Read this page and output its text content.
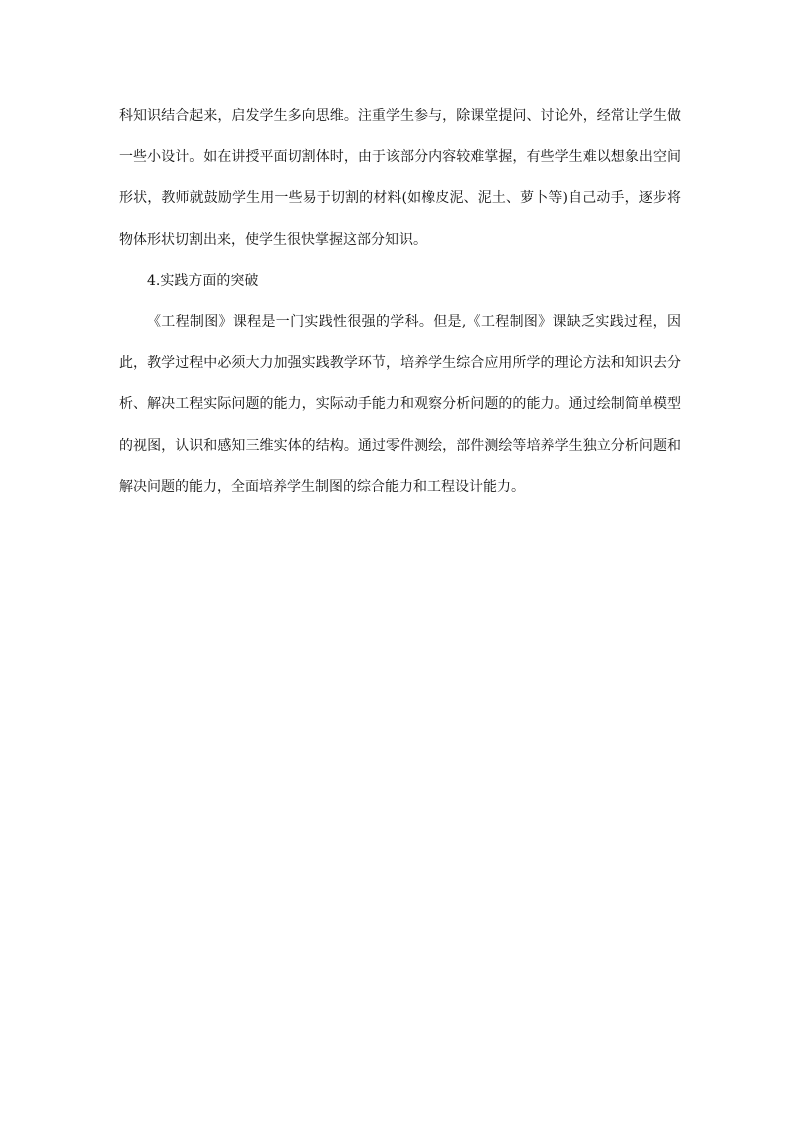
科知识结合起来，启发学生多向思维。注重学生参与，除课堂提问、讨论外，经常让学生做
一些小设计。如在讲授平面切割体时，由于该部分内容较难掌握，有些学生难以想象出空间
形状，教师就鼓励学生用一些易于切割的材料(如橡皮泥、泥土、萝卜等)自己动手，逐步将
物体形状切割出来，使学生很快掌握这部分知识。
4.实践方面的突破
《工程制图》课程是一门实践性很强的学科。但是,《工程制图》课缺乏实践过程，因
此，教学过程中必须大力加强实践教学环节，培养学生综合应用所学的理论方法和知识去分
析、解决工程实际问题的能力，实际动手能力和观察分析问题的的能力。通过绘制简单模型
的视图，认识和感知三维实体的结构。通过零件测绘，部件测绘等培养学生独立分析问题和
解决问题的能力，全面培养学生制图的综合能力和工程设计能力。
